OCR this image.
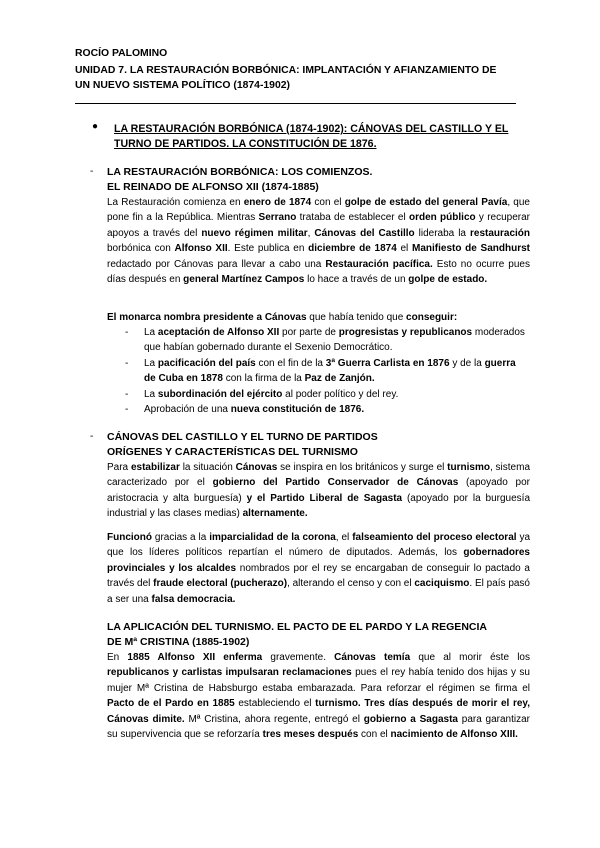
ROCÍO PALOMINO
UNIDAD 7. LA RESTAURACIÓN BORBÓNICA: IMPLANTACIÓN Y AFIANZAMIENTO DE
UN NUEVO SISTEMA POLÍTICO (1874-1902)
● LA RESTAURACIÓN BORBÓNICA (1874-1902): CÁNOVAS DEL CASTILLO Y EL TURNO DE PARTIDOS. LA CONSTITUCIÓN DE 1876.
- LA RESTAURACIÓN BORBÓNICA: LOS COMIENZOS.
EL REINADO DE ALFONSO XII (1874-1885)
La Restauración comienza en enero de 1874 con el golpe de estado del general Pavía, que pone fin a la República. Mientras Serrano trataba de establecer el orden público y recuperar apoyos a través del nuevo régimen militar, Cánovas del Castillo lideraba la restauración borbónica con Alfonso XII. Este publica en diciembre de 1874 el Manifiesto de Sandhurst redactado por Cánovas para llevar a cabo una Restauración pacífica. Esto no ocurre pues días después en general Martínez Campos lo hace a través de un golpe de estado.
El monarca nombra presidente a Cánovas que había tenido que conseguir:
- La aceptación de Alfonso XII por parte de progresistas y republicanos moderados que habían gobernado durante el Sexenio Democrático.
- La pacificación del país con el fin de la 3ª Guerra Carlista en 1876 y de la guerra de Cuba en 1878 con la firma de la Paz de Zanjón.
- La subordinación del ejército al poder político y del rey.
- Aprobación de una nueva constitución de 1876.
- CÁNOVAS DEL CASTILLO Y EL TURNO DE PARTIDOS
ORÍGENES Y CARACTERÍSTICAS DEL TURNISMO
Para estabilizar la situación Cánovas se inspira en los británicos y surge el turnismo, sistema caracterizado por el gobierno del Partido Conservador de Cánovas (apoyado por aristocracia y alta burguesía) y el Partido Liberal de Sagasta (apoyado por la burguesía industrial y las clases medias) alternamente.
Funcionó gracias a la imparcialidad de la corona, el falseamiento del proceso electoral ya que los líderes políticos repartían el número de diputados. Además, los gobernadores provinciales y los alcaldes nombrados por el rey se encargaban de conseguir lo pactado a través del fraude electoral (pucherazo), alterando el censo y con el caciquismo. El país pasó a ser una falsa democracia.
LA APLICACIÓN DEL TURNISMO. EL PACTO DE EL PARDO Y LA REGENCIA
DE Mª CRISTINA (1885-1902)
En 1885 Alfonso XII enferma gravemente. Cánovas temía que al morir éste los republicanos y carlistas impulsaran reclamaciones pues el rey había tenido dos hijas y su mujer Mª Cristina de Habsburgo estaba embarazada. Para reforzar el régimen se firma el Pacto de el Pardo en 1885 estableciendo el turnismo. Tres días después de morir el rey, Cánovas dimite. Mª Cristina, ahora regente, entregó el gobierno a Sagasta para garantizar su supervivencia que se reforzaría tres meses después con el nacimiento de Alfonso XIII.
